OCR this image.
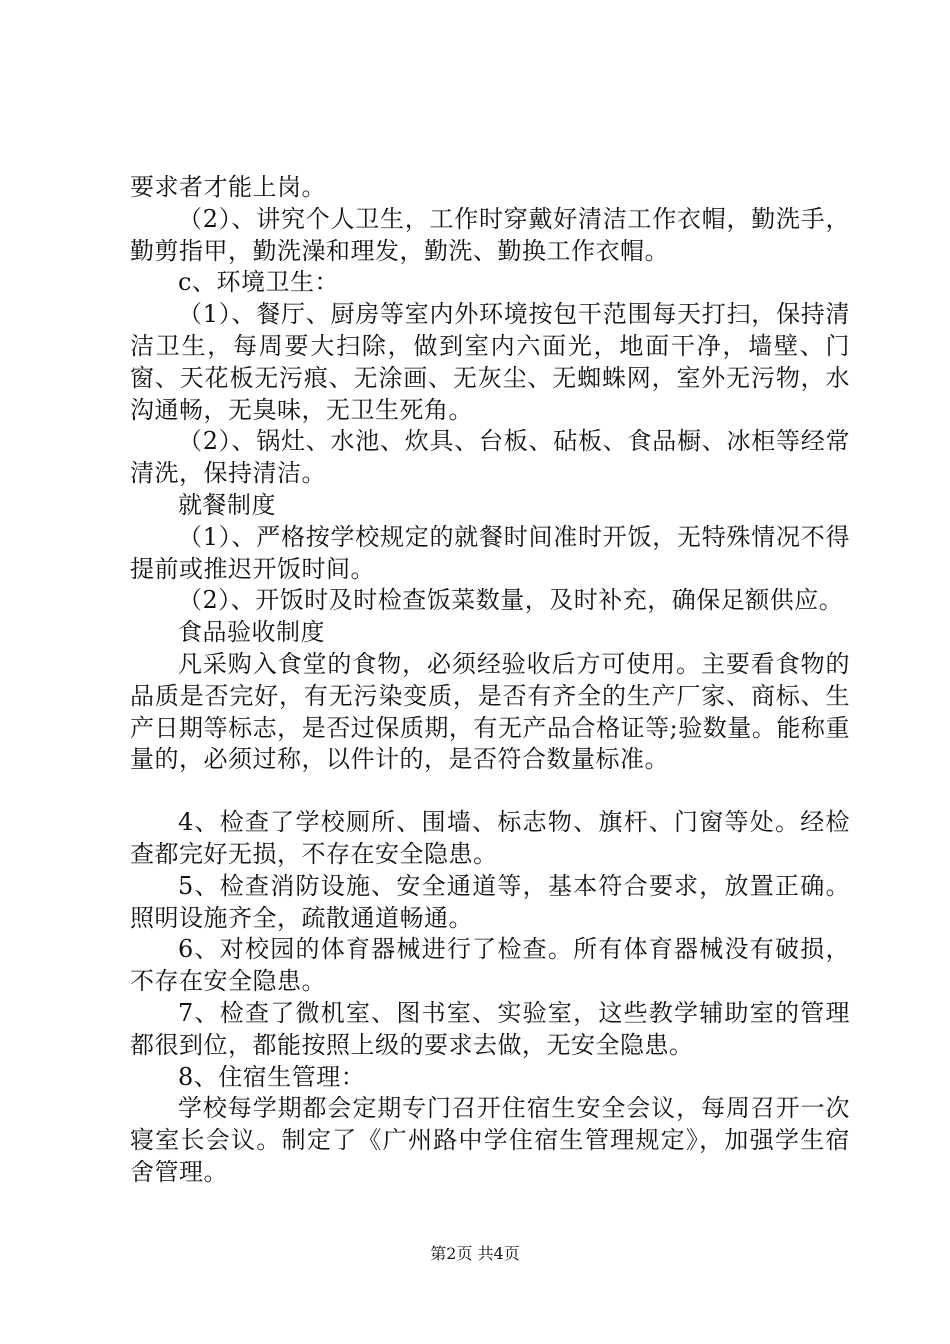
要求者才能上岗。

（2）、讲究个人卫生，工作时穿戴好清洁工作衣帽，勤洗手，勤剪指甲，勤洗澡和理发，勤洗、勤换工作衣帽。

c、环境卫生：

（1）、餐厅、厨房等室内外环境按包干范围每天打扫，保持清洁卫生，每周要大扫除，做到室内六面光，地面干净，墙壁、门窗、天花板无污痕、无涂画、无灰尘、无蜘蛛网，室外无污物，水沟通畅，无臭味，无卫生死角。

（2）、锅灶、水池、炊具、台板、砧板、食品橱、冰柜等经常清洗，保持清洁。

就餐制度

（1）、严格按学校规定的就餐时间准时开饭，无特殊情况不得提前或推迟开饭时间。

（2）、开饭时及时检查饭菜数量，及时补充，确保足额供应。

食品验收制度

凡采购入食堂的食物，必须经验收后方可使用。主要看食物的品质是否完好，有无污染变质，是否有齐全的生产厂家、商标、生产日期等标志，是否过保质期，有无产品合格证等;验数量。能称重量的，必须过称，以件计的，是否符合数量标准。

4、检查了学校厕所、围墙、标志物、旗杆、门窗等处。经检查都完好无损，不存在安全隐患。

5、检查消防设施、安全通道等，基本符合要求，放置正确。照明设施齐全，疏散通道畅通。

6、对校园的体育器械进行了检查。所有体育器械没有破损，不存在安全隐患。

7、检查了微机室、图书室、实验室，这些教学辅助室的管理都很到位，都能按照上级的要求去做，无安全隐患。

8、住宿生管理：

学校每学期都会定期专门召开住宿生安全会议，每周召开一次寝室长会议。制定了《广州路中学住宿生管理规定》，加强学生宿舍管理。

第2页 共4页
